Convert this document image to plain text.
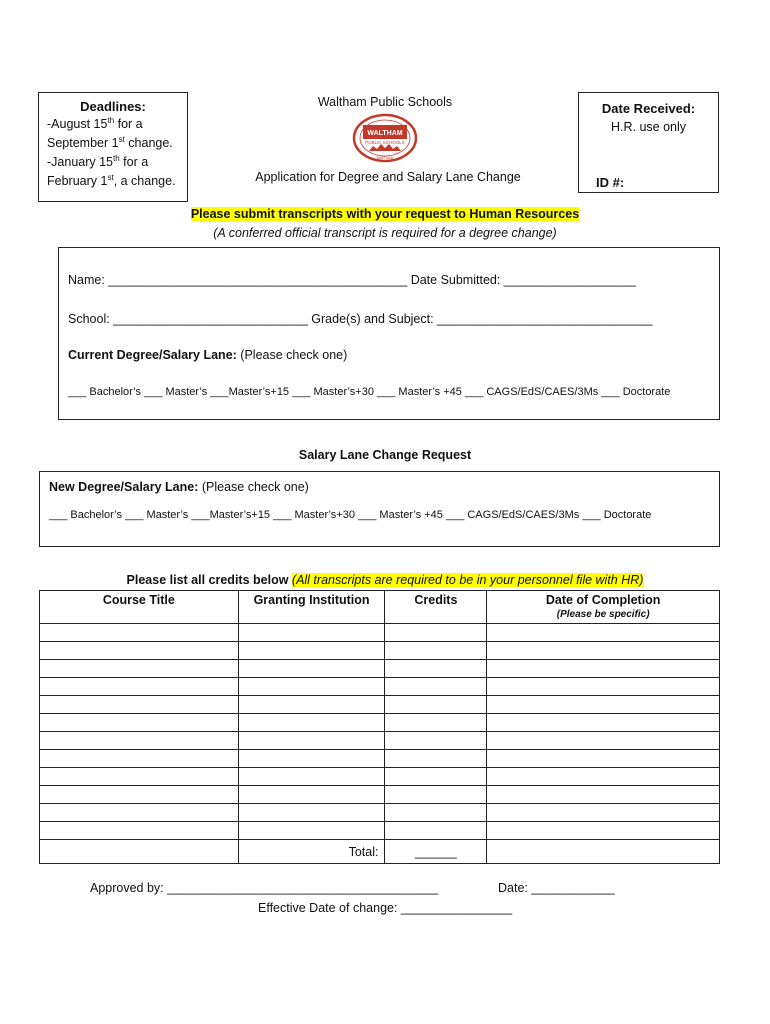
Deadlines:
-August 15th for a
September 1st change.
-January 15th for a
February 1st, a change.
Waltham Public Schools
WALTHAM
PUBLIC SCHOOLS
WALTHAM
Application for Degree and Salary Lane Change
Date Received:
H.R. use only
ID #:
Please submit transcripts with your request to Human Resources
(A conferred official transcript is required for a degree change)
Name: ___________________________________________ Date Submitted: ___________________
School: ____________________________ Grade(s) and Subject: _______________________________
Current Degree/Salary Lane: (Please check one)
___ Bachelor’s ___ Master’s ___Master’s+15 ___ Master’s+30 ___ Master’s +45 ___ CAGS/EdS/CAES/3Ms ___ Doctorate
Salary Lane Change Request
New Degree/Salary Lane: (Please check one)
___ Bachelor’s ___ Master’s ___Master’s+15 ___ Master’s+30 ___ Master’s +45 ___ CAGS/EdS/CAES/3Ms ___ Doctorate
Please list all credits below (All transcripts are required to be in your personnel file with HR)
Course Title	Granting Institution	Credits	Date of Completion
(Please be specific)

	Total:	______	
Approved by: _______________________________________	Date: ____________
Effective Date of change: ________________
